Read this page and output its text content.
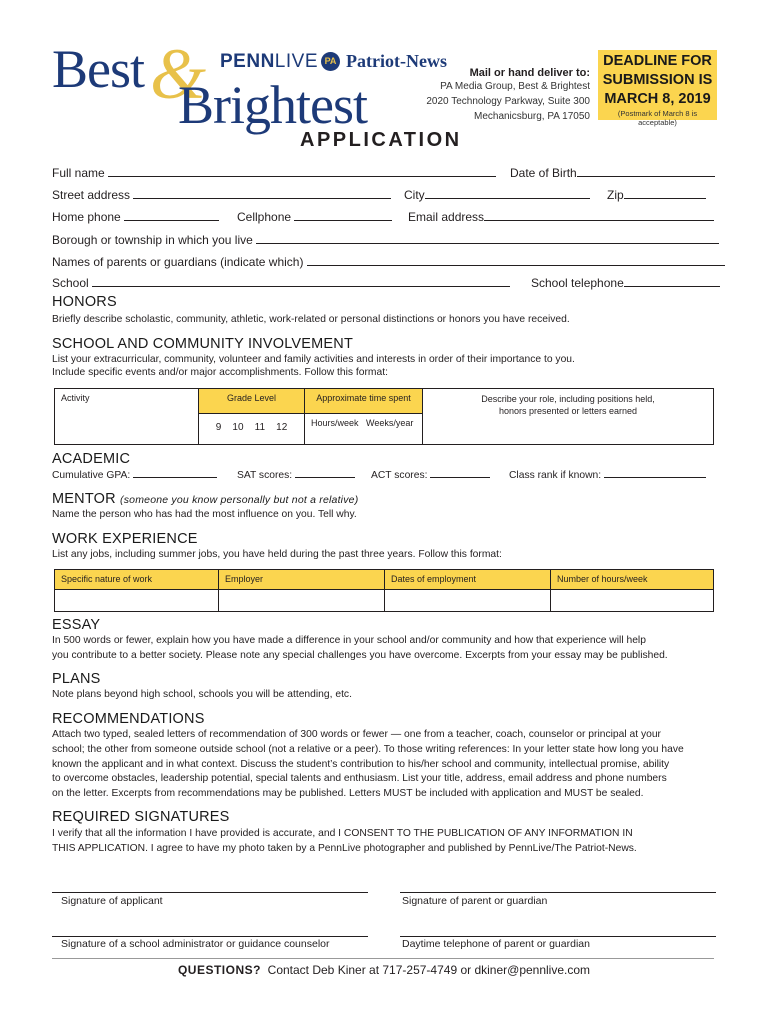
Best &
Brightest
PENNLIVE PA Patriot-News
APPLICATION
Mail or hand deliver to:
PA Media Group, Best & Brightest
2020 Technology Parkway, Suite 300
Mechanicsburg, PA 17050
DEADLINE FOR
SUBMISSION IS
MARCH 8, 2019
(Postmark of March 8 is acceptable)
Full name	Date of Birth
Street address	City	Zip
Home phone	Cellphone	Email address
Borough or township in which you live
Names of parents or guardians (indicate which)
School	School telephone
HONORS
Briefly describe scholastic, community, athletic, work-related or personal distinctions or honors you have received.
SCHOOL AND COMMUNITY INVOLVEMENT
List your extracurricular, community, volunteer and family activities and interests in order of their importance to you.
Include specific events and/or major accomplishments. Follow this format:
Activity	Grade Level	Approximate time spent	Describe your role, including positions held,
honors presented or letters earned

	9    10    11    12	Hours/week   Weeks/year	
ACADEMIC
Cumulative GPA:	SAT scores:	ACT scores:	Class rank if known:
MENTOR (someone you know personally but not a relative)
Name the person who has had the most influence on you. Tell why.
WORK EXPERIENCE
List any jobs, including summer jobs, you have held during the past three years. Follow this format:
Specific nature of work	Employer	Dates of employment	Number of hours/week

ESSAY
In 500 words or fewer, explain how you have made a difference in your school and/or community and how that experience will help
you contribute to a better society. Please note any special challenges you have overcome. Excerpts from your essay may be published.
PLANS
Note plans beyond high school, schools you will be attending, etc.
RECOMMENDATIONS
Attach two typed, sealed letters of recommendation of 300 words or fewer — one from a teacher, coach, counselor or principal at your
school; the other from someone outside school (not a relative or a peer). To those writing references: In your letter state how long you have
known the applicant and in what context. Discuss the student’s contribution to his/her school and community, intellectual promise, ability
to overcome obstacles, leadership potential, special talents and enthusiasm. List your title, address, email address and phone numbers
on the letter. Excerpts from recommendations may be published. Letters MUST be included with application and MUST be sealed.
REQUIRED SIGNATURES
I verify that all the information I have provided is accurate, and I CONSENT TO THE PUBLICATION OF ANY INFORMATION IN
THIS APPLICATION. I agree to have my photo taken by a PennLive photographer and published by PennLive/The Patriot-News.
Signature of applicant	Signature of parent or guardian
Signature of a school administrator or guidance counselor	Daytime telephone of parent or guardian
QUESTIONS? Contact Deb Kiner at 717-257-4749 or dkiner@pennlive.com
